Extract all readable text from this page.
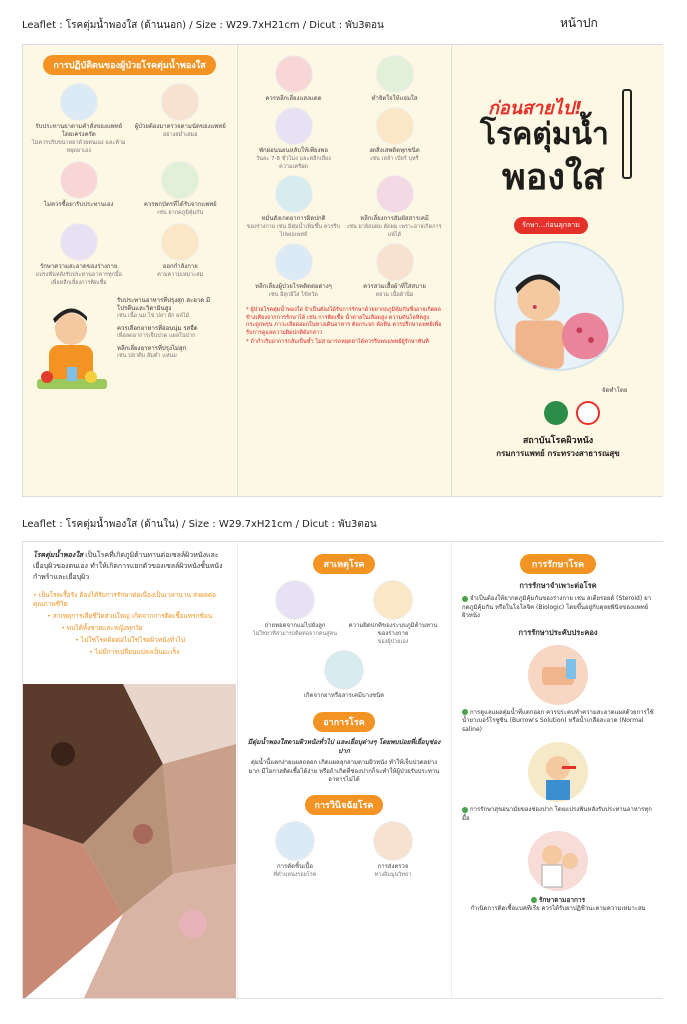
Leaflet : โรคตุ่มน้ำพองใส (ด้านนอก) / Size : W29.7xH21cm / Dicut : พับ3ตอน	หน้าปก
Leaflet : โรคตุ่มน้ำพองใส (ด้านใน) / Size : W29.7xH21cm / Dicut : พับ3ตอน
การปฏิบัติตนของผู้ป่วยโรคตุ่มน้ำพองใส
รับประทานยาตามคำสั่งของแพทย์โดยเคร่งครัด
ไม่ควรปรับขนาดยาด้วยตนเอง และห้ามหยุดยาเอง
ผู้ป่วยต้องมาตรวจตามนัดของแพทย์
อย่างสม่ำเสมอ
ไม่ควรซื้อยารับประทานเอง	ควรพกบัตรที่ได้รับจากแพทย์
เช่น ยากดภูมิคุ้มกัน
รักษาความสะอาดของร่างกาย
แปรงฟันหลังรับประทานอาหารทุกมื้อ เพื่อหลีกเลี่ยงการติดเชื้อ
ออกกำลังกาย
ตามความเหมาะสม
รับประทานอาหารที่ปรุงสุก สะอาด มีโปรตีนและวิตามินสูง
เช่น เนื้อ นม ไข่ ปลา ผัก ผลไม้
ควรเลือกอาหารที่อ่อนนุ่ม รสจืด
เพื่อลดอาการเจ็บปวด แผลในปาก
หลีกเลี่ยงอาหารที่ปรุงไม่สุก
เช่น ปลาดิบ ส้มตำ แหนม
ควรหลีกเลี่ยงแสงแดด	ทำจิตใจให้แจ่มใส
พักผ่อนนอนหลับให้เพียงพอ
วันละ 7-8 ชั่วโมง และหลีกเลี่ยงความเครียด
งดสิ่งเสพติดทุกชนิด
เช่น เหล้า เบียร์ บุหรี่
หมั่นสังเกตอาการผิดปกติ
ของร่างกาย เช่น มีตุ่มน้ำเพิ่มขึ้น ควรรีบไปพบแพทย์
หลีกเลี่ยงการสัมผัสสารเคมี
เช่น ยาย้อมผม ดัดผม เพราะอาจเกิดการแพ้ได้
หลีกเลี่ยงผู้ป่วยโรคติดต่อต่างๆ
เช่น อีสุกอีใส ไข้หวัด
ควรสวมเสื้อผ้าที่ใส่สบาย
หลวม เนื้อผ้านิ่ม

* ผู้ป่วยโรคตุ่มน้ำพองใส จำเป็นต้องได้รับการรักษาด้วยยากดภูมิคุ้มกันซึ่งอาจเกิดผลข้างเคียงจากการรักษาได้ เช่น การติดเชื้อ น้ำตาลในเลือดสูง ความดันโลหิตสูง กระดูกพรุน ภาวะเลือดออกในทางเดินอาหาร ต้อกระจก ต้อหิน ควรปรึกษาแพทย์เพื่อรับการดูแลความผิดปกติดังกล่าว

* ถ้ากำเริบอาการกลับเป็นซ้ำ ไม่สามารถหยุดยาได้ควรรีบพบแพทย์ผู้รักษาทันที

ก่อนสายไป!
โรคตุ่มน้ำ
พองใส
รักษา...ก่อนลุกลาม
จัดทำโดย
สถาบันโรคผิวหนัง
กรมการแพทย์ กระทรวงสาธารณสุข
โรคตุ่มน้ำพองใส เป็นโรคที่เกิดภูมิต้านทานต่อเซลล์ผิวหนังและเยื่อบุผิวของตนเอง ทำให้เกิดการแยกตัวของเซลล์ผิวหนังชั้นหนังกำพร้าและเยื่อบุผิว
• เป็นโรคเรื้อรัง ต้องได้รับการรักษาต่อเนื่องเป็นเวลานาน ส่งผลต่อคุณภาพชีวิต
• สาเหตุการเสียชีวิตส่วนใหญ่ เกิดจากการติดเชื้อแทรกซ้อน
• พบได้ทั้งชายและหญิงทุกวัย
• ไม่ใช่โรคติดต่อไม่ใช่โรคผิวหนังทั่วไป
• ไม่มีการเปลี่ยนแปลงเป็นมะเร็ง
สาเหตุโรค
ถ่ายทอดจากแม่ไปยังลูก
ไม่ใช่ยาที่สามารถติดต่อจากคนสู่คน
ความผิดปกติของระบบภูมิต้านทานของร่างกาย
ของผู้ป่วยเอง
เกิดจากยาหรือสารเคมีบางชนิด
อาการโรค

มีตุ่มน้ำพองใสตามผิวหนังทั่วไป และเยื่อบุต่างๆ โดยพบบ่อยที่เยื่อบุช่องปาก

ตุ่มน้ำนี้แตกง่ายแผลถลอก เกิดแผลลุกลามตามผิวหนัง ทำให้เจ็บปวดอย่างมาก มีโอกาสติดเชื้อได้ง่าย หรือถ้าเกิดที่ช่องปากก็จะทำให้ผู้ป่วยรับประทานอาหารไม่ได้

การวินิจฉัยโรค
การตัดชิ้นเนื้อ
ที่ตำแหน่งรอยโรค
การส่งตรวจ
ทางอิมมูนวิทยา
การรักษาโรค

การรักษาจำเพาะต่อโรค

จำเป็นต้องให้ยากดภูมิคุ้มกันของร่างกาย เช่น สเตียรอยด์ (Steroid) ยากดภูมิคุ้มกัน หรือในโอโลจิค (Biologic) โดยขึ้นอยู่กับดุลยพินิจของแพทย์ผิวหนัง

การรักษาประคับประคอง

การดูแลแผลตุ่มน้ำที่แตกออก ควรประคบทำความสะอาดแผลด้วยการใช้น้ำยาเบอร์โรซูซิน (Burrow's Solution) หรือน้ำเกลือสะอาด (Normal saline)

การรักษาสุขอนามัยของช่องปาก โดยแปรงฟันหลังรับประทานอาหารทุกมื้อ

รักษาตามอาการ

กำเนิดการติดเชื้อแบคทีเรีย ควรได้รับยาปฏิชีวนะตามความเหมาะสม
